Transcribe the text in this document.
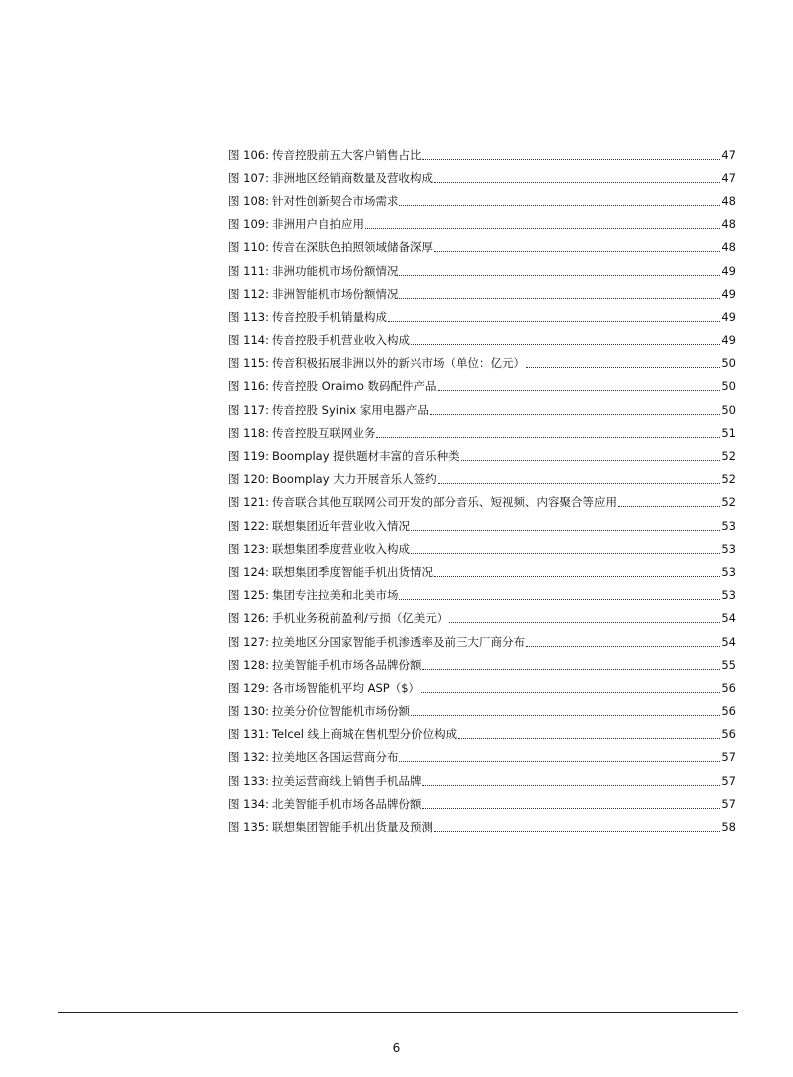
图 106: 传音控股前五大客户销售占比	47
图 107: 非洲地区经销商数量及营收构成	47
图 108: 针对性创新契合市场需求	48
图 109: 非洲用户自拍应用	48
图 110: 传音在深肤色拍照领域储备深厚	48
图 111: 非洲功能机市场份额情况	49
图 112: 非洲智能机市场份额情况	49
图 113: 传音控股手机销量构成	49
图 114: 传音控股手机营业收入构成	49
图 115: 传音积极拓展非洲以外的新兴市场（单位：亿元）	50
图 116: 传音控股 Oraimo 数码配件产品	50
图 117: 传音控股 Syinix 家用电器产品	50
图 118: 传音控股互联网业务	51
图 119: Boomplay 提供题材丰富的音乐种类	52
图 120: Boomplay 大力开展音乐人签约	52
图 121: 传音联合其他互联网公司开发的部分音乐、短视频、内容聚合等应用	52
图 122: 联想集团近年营业收入情况	53
图 123: 联想集团季度营业收入构成	53
图 124: 联想集团季度智能手机出货情况	53
图 125: 集团专注拉美和北美市场	53
图 126: 手机业务税前盈利/亏损（亿美元）	54
图 127: 拉美地区分国家智能手机渗透率及前三大厂商分布	54
图 128: 拉美智能手机市场各品牌份额	55
图 129: 各市场智能机平均 ASP（$）	56
图 130: 拉美分价位智能机市场份额	56
图 131: Telcel 线上商城在售机型分价位构成	56
图 132: 拉美地区各国运营商分布	57
图 133: 拉美运营商线上销售手机品牌	57
图 134: 北美智能手机市场各品牌份额	57
图 135: 联想集团智能手机出货量及预测	58
6
